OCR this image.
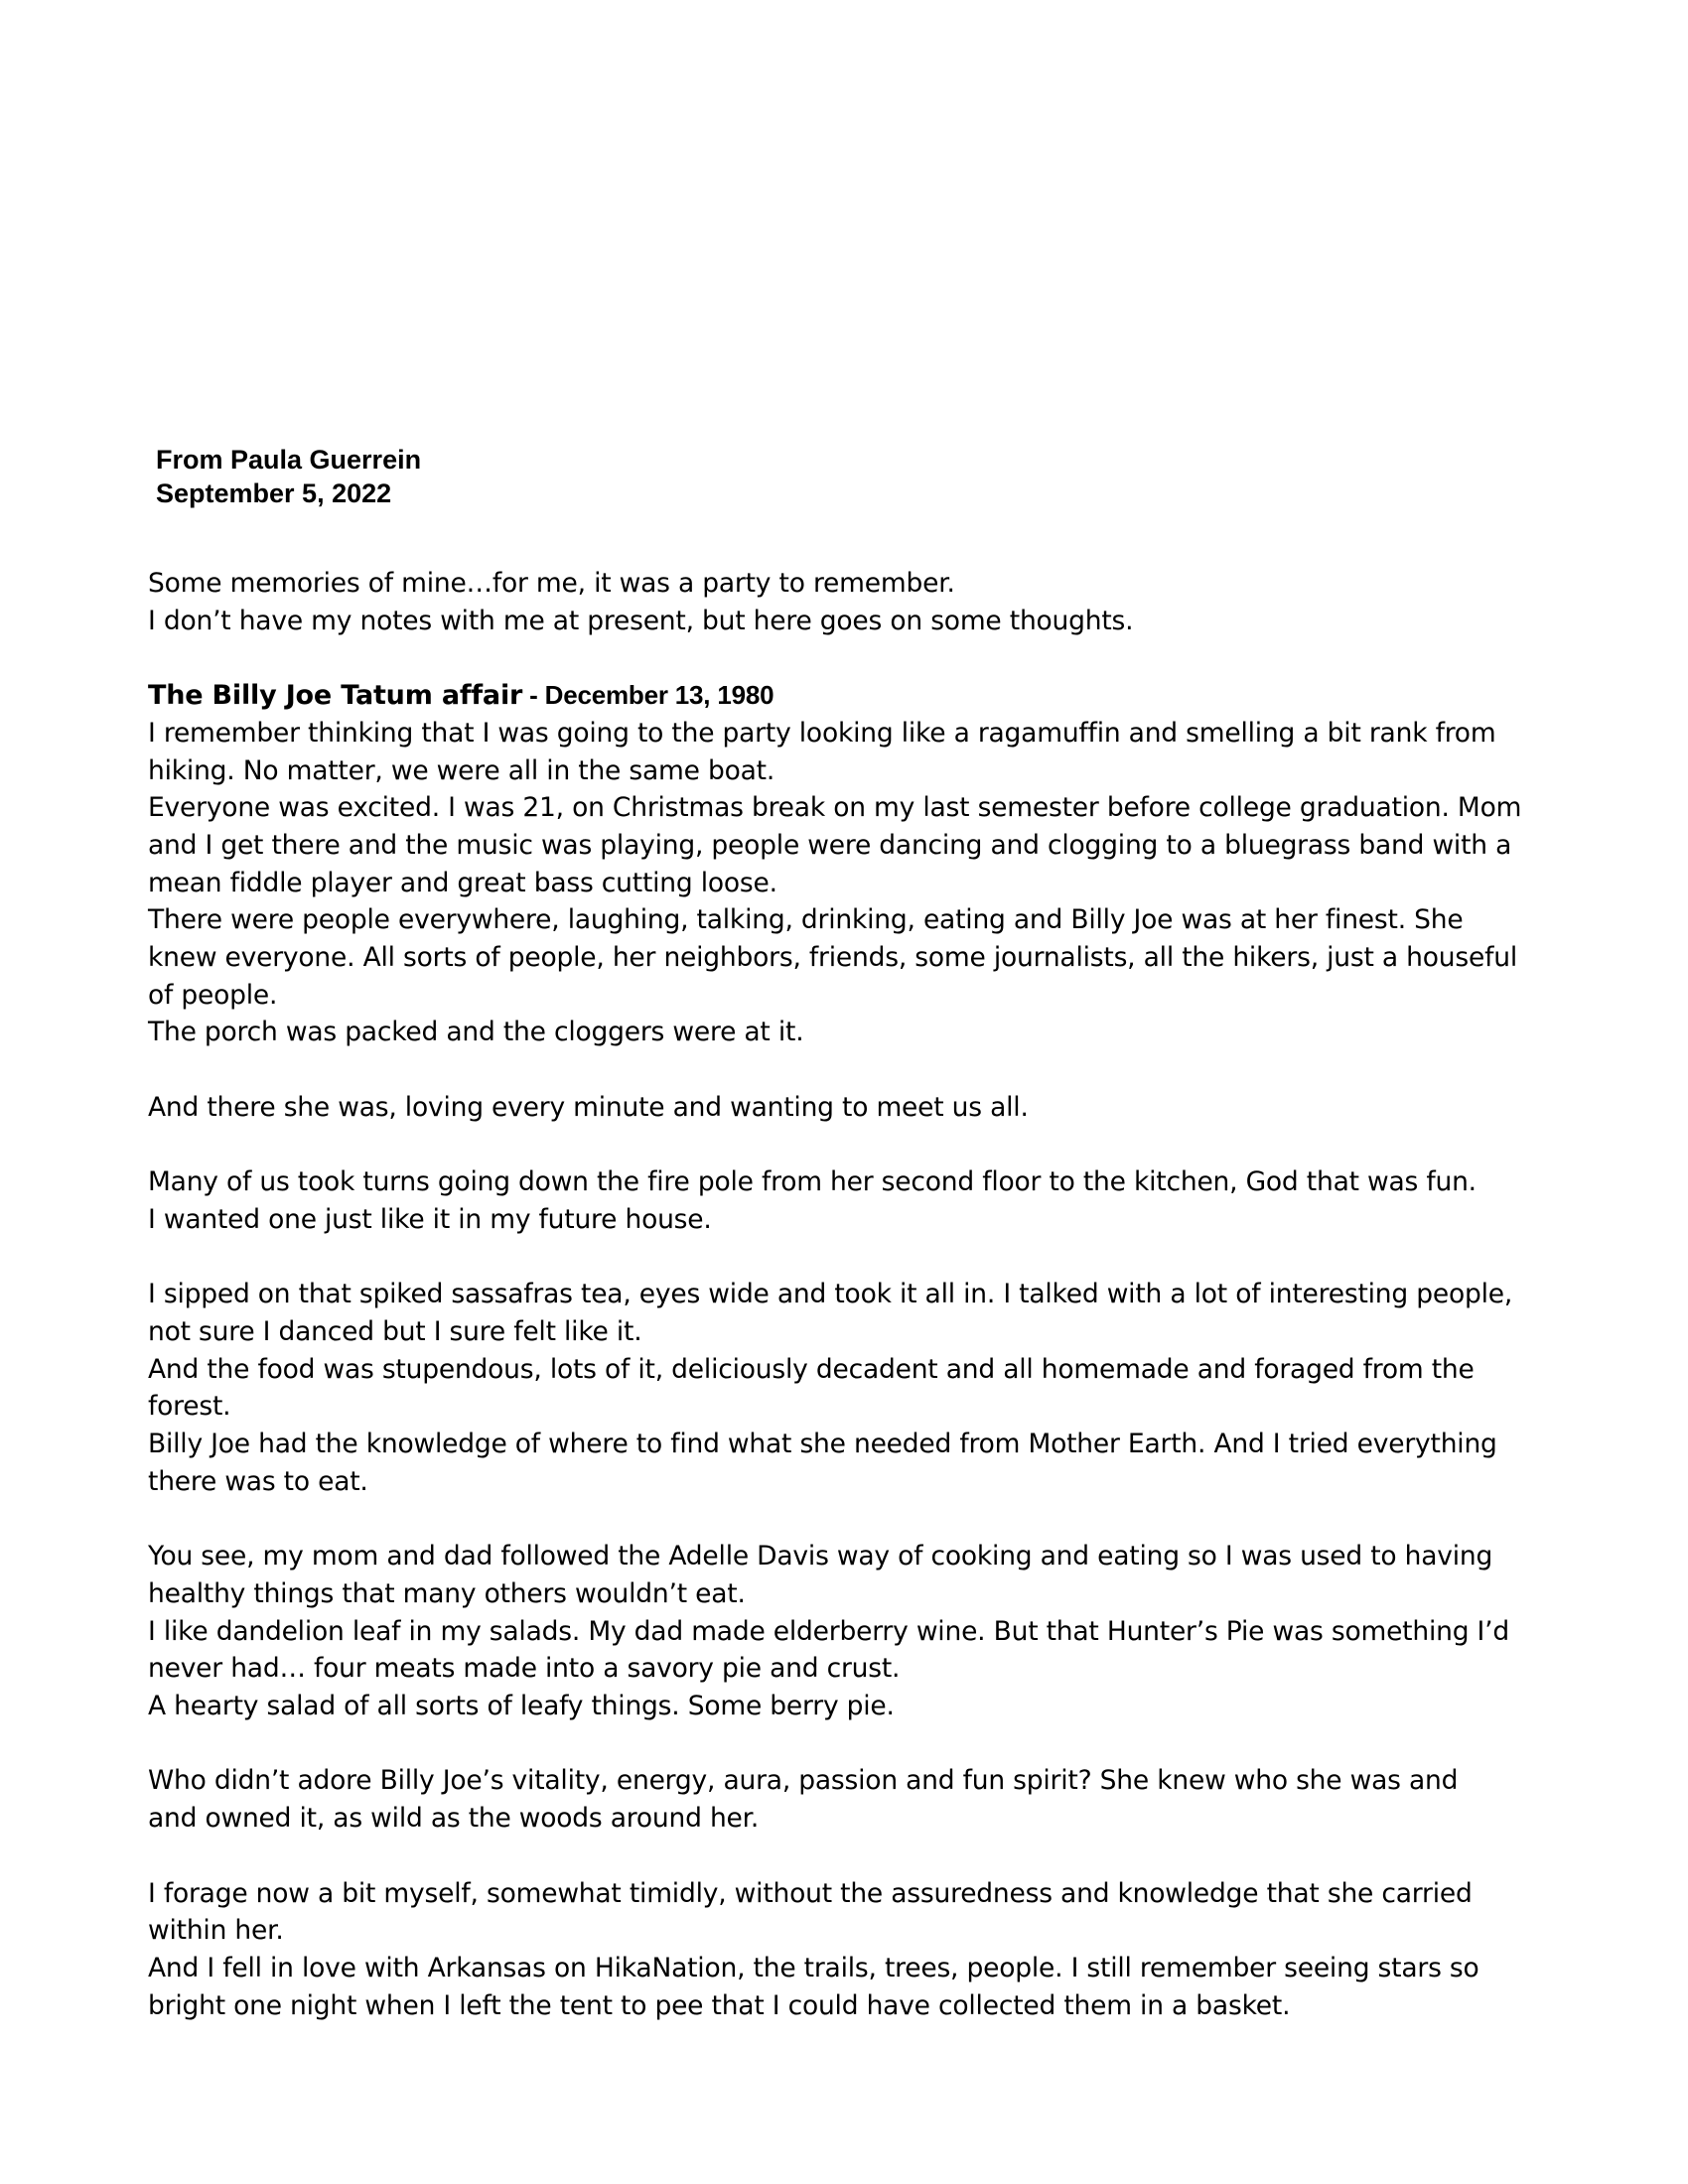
From Paula Guerrein
September 5, 2022
Some memories of mine…for me, it was a party to remember.
I don’t have my notes with me at present, but here goes on some thoughts.
The Billy Joe Tatum affair - December 13, 1980
I remember thinking that I was going to the party looking like a ragamuffin and smelling a bit rank from
hiking. No matter, we were all in the same boat.
Everyone was excited. I was 21, on Christmas break on my last semester before college graduation. Mom
and I get there and the music was playing, people were dancing and clogging to a bluegrass band with a
mean fiddle player and great bass cutting loose.
There were people everywhere, laughing, talking, drinking, eating and Billy Joe was at her finest. She
knew everyone. All sorts of people, her neighbors, friends, some journalists, all the hikers, just a houseful
of people.
The porch was packed and the cloggers were at it.
And there she was, loving every minute and wanting to meet us all.
Many of us took turns going down the fire pole from her second floor to the kitchen, God that was fun.
I wanted one just like it in my future house.
I sipped on that spiked sassafras tea, eyes wide and took it all in. I talked with a lot of interesting people,
not sure I danced but I sure felt like it.
And the food was stupendous, lots of it, deliciously decadent and all homemade and foraged from the
forest.
Billy Joe had the knowledge of where to find what she needed from Mother Earth. And I tried everything
there was to eat.
You see, my mom and dad followed the Adelle Davis way of cooking and eating so I was used to having
healthy things that many others wouldn’t eat.
I like dandelion leaf in my salads. My dad made elderberry wine. But that Hunter’s Pie was something I’d
never had… four meats made into a savory pie and crust.
A hearty salad of all sorts of leafy things. Some berry pie.
Who didn’t adore Billy Joe’s vitality, energy, aura, passion and fun spirit? She knew who she was and
and owned it, as wild as the woods around her.
I forage now a bit myself, somewhat timidly, without the assuredness and knowledge that she carried
within her.
And I fell in love with Arkansas on HikaNation, the trails, trees, people. I still remember seeing stars so
bright one night when I left the tent to pee that I could have collected them in a basket.
